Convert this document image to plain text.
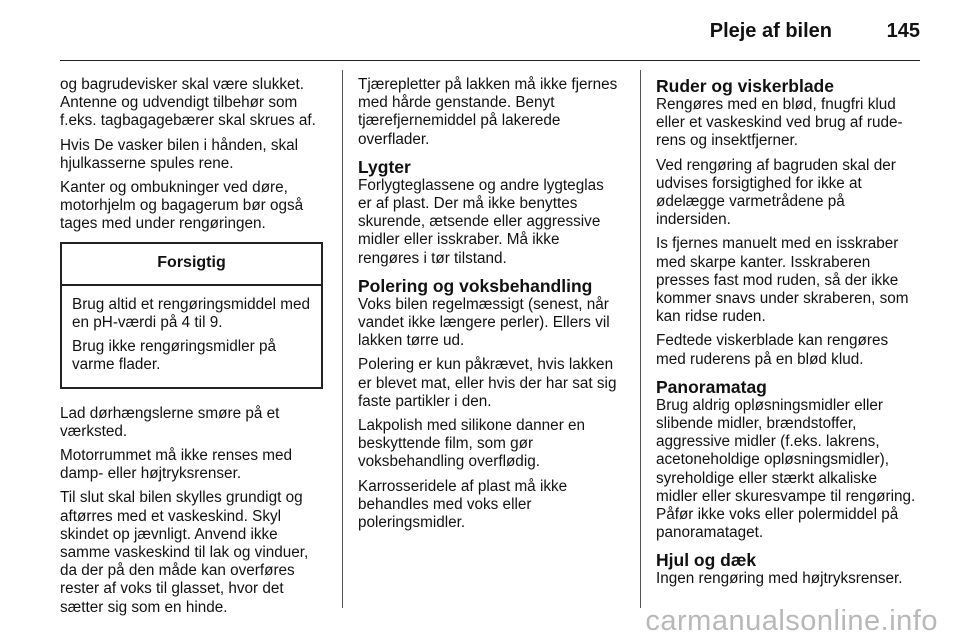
Pleje af bilen	145

og bagrudevisker skal være slukket. Antenne og udvendigt tilbehør som f.eks. tagbagagebærer skal skrues af.

Hvis De vasker bilen i hånden, skal hjulkasserne spules rene.

Kanter og ombukninger ved døre, motorhjelm og bagagerum bør også tages med under rengøringen.

Forsigtig

Brug altid et rengøringsmiddel med en pH-værdi på 4 til 9.

Brug ikke rengøringsmidler på varme flader.

Lad dørhængslerne smøre på et værksted.

Motorrummet må ikke renses med damp- eller højtryksrenser.

Til slut skal bilen skylles grundigt og aftørres med et vaskeskind. Skyl skindet op jævnligt. Anvend ikke samme vaskeskind til lak og vinduer, da der på den måde kan overføres rester af voks til glasset, hvor det sætter sig som en hinde.

Tjærepletter på lakken må ikke fjernes med hårde genstande. Benyt tjærefjernemiddel på lakerede overflader.

Lygter

Forlygteglassene og andre lygteglas er af plast. Der må ikke benyttes skurende, ætsende eller aggressive midler eller isskraber. Må ikke rengøres i tør tilstand.

Polering og voksbehandling

Voks bilen regelmæssigt (senest, når vandet ikke længere perler). Ellers vil lakken tørre ud.

Polering er kun påkrævet, hvis lakken er blevet mat, eller hvis der har sat sig faste partikler i den.

Lakpolish med silikone danner en beskyttende film, som gør voksbehandling overflødig.

Karrosseridele af plast må ikke behandles med voks eller poleringsmidler.

Ruder og viskerblade

Rengøres med en blød, fnugfri klud eller et vaskeskind ved brug af rude-rens og insektfjerner.

Ved rengøring af bagruden skal der udvises forsigtighed for ikke at ødelægge varmetrådene på indersiden.

Is fjernes manuelt med en isskraber med skarpe kanter. Isskraberen presses fast mod ruden, så der ikke kommer snavs under skraberen, som kan ridse ruden.

Fedtede viskerblade kan rengøres med ruderens på en blød klud.

Panoramatag

Brug aldrig opløsningsmidler eller slibende midler, brændstoffer, aggressive midler (f.eks. lakrens, acetoneholdige opløsningsmidler), syreholdige eller stærkt alkaliske midler eller skuresvampe til rengøring. Påfør ikke voks eller polermiddel på panoramataget.

Hjul og dæk

Ingen rengøring med højtryksrenser.

carmanualsonline.info
